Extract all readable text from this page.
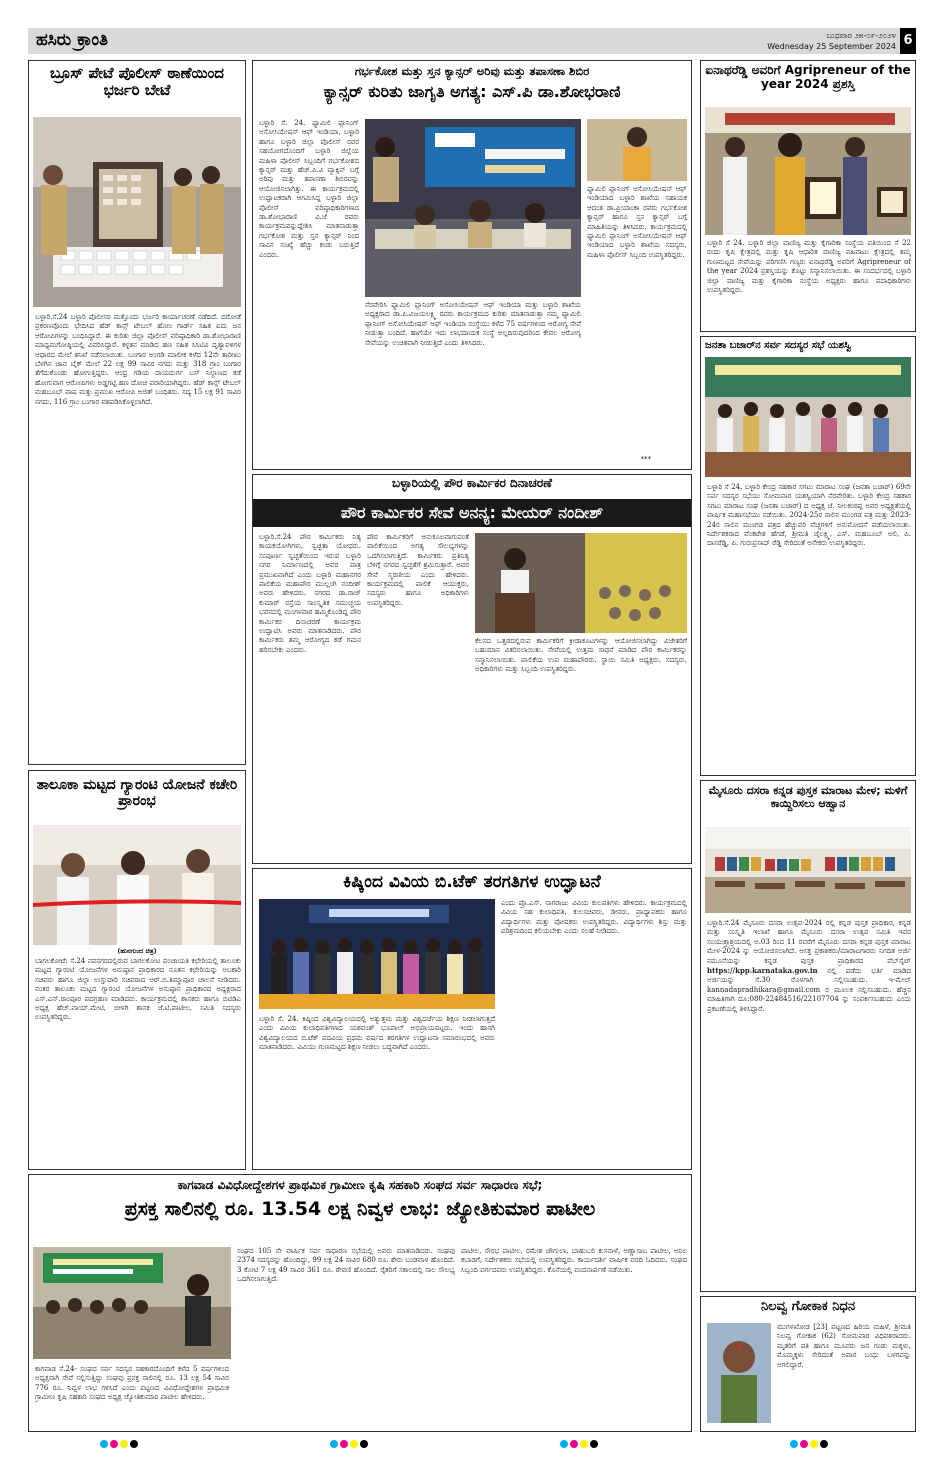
ಹಸಿರು ಕ್ರಾಂತಿ	ಬುಧವಾರ ೨೫-೦೯-೨೦೨೪
Wednesday 25 September 2024 6
ಬ್ರೂಸ್ ಪೇಟೆ ಪೊಲೀಸ್ ಠಾಣೆಯಿಂದ ಭರ್ಜರಿ ಬೇಟೆ
ಬಳ್ಳಾರಿ.ಸೆ.24 ಬಳ್ಳಾರಿ ಪೊಲೀಸರ ಮತ್ತೊಂದು ಭರ್ಜರಿ ಕಾರ್ಯಾಚರಣೆ ನಡೆದಿದೆ. ದರೋಡೆ ಪ್ರಕರಣವೊಂದು ಭೇದಿಸಿದ ಹೆಡ್ ಕಾನ್ಸ್ ಟೇಬಲ್ ಹೋಂ ಗಾರ್ಡ್ ಸಹಿತ ಐದು ಜನ ಆರೋಪಿಗಳನ್ನು ಬಂಧಿಸಿದ್ದಾರೆ. ಈ ಕುರಿತು ಜಿಲ್ಲಾ ಪೊಲೀಸ್ ವರಿಷ್ಠಾಧಿಕಾರಿ ಡಾ.ಶೋಭಾರಾಣಿ ಮಾಧ್ಯಮಗೋಷ್ಠಿಯಲ್ಲಿ ವಿವರಿಸಿದ್ದಾರೆ. ಕಳ್ಳತನ ಮಾಡಿದ ಹಣ ಸಹಿತ ಸಿಸಿಟಿವಿ ದೃಶ್ಯಾವಳಿಗಳ ಆಧಾರದ ಮೇಲೆ ತನಿಖೆ ನಡೆಸಲಾಯಿತು. ಬಂಗಾರ ಅಂಗಡಿ ಮಾಲೀಕ ಕಳೆದ 12ನೇ ತಾರೀಖು ಬೆಳಗಿನ ಜಾವ ಬೈಕ್ ಮೇಲೆ 22 ಲಕ್ಷ 99 ಸಾವಿರ ನಗದು ಮತ್ತು 318 ಗ್ರಾಂ ಬಂಗಾರ ತೆಗೆದುಕೊಂಡು ಹೋಗುತ್ತಿದ್ದರು. ಆಂಧ್ರ ಗಡಿಯ ರಾಯದುರ್ಗ ಬಸ್ ನಿಲ್ದಾಣದ ಕಡೆ ಹೋಗುವಾಗ ಆರೋಪಿಗಳು ಅಡ್ಡಗಟ್ಟಿ ಹಣ ದೋಚಿ ಪರಾರಿಯಾಗಿದ್ದರು. ಹೆಡ್ ಕಾನ್ಸ್ ಟೇಬಲ್ ಮಹಬೂಬ್ ಪಾಷ ಮತ್ತು ಪ್ರಮುಖ ಆರೋಪಿ ಅಜಿತ್ ಬಂಧಿತರು. ಸದ್ಯ 15 ಲಕ್ಷ 91 ಸಾವಿರ ನಗದು, 116 ಗ್ರಾಂ ಬಂಗಾರ ವಶಪಡಿಸಿಕೊಳ್ಳಲಾಗಿದೆ.
ತಾಲೂಕಾ ಮಟ್ಟದ ಗ್ಯಾರಂಟಿ ಯೋಜನೆ ಕಚೇರಿ ಪ್ರಾರಂಭ
(ಹುನಗುಂದ ಚಿತ್ರ)
ಬಾಗಲಕೋಟೆ: ಸೆ.24 ನವನಗರದಲ್ಲಿರುವ ಬಾಗಲಕೋಟ ಪಂಚಾಯತಿ ಕಛೇರಿಯಲ್ಲಿ ತಾಲೂಕು ಮಟ್ಟದ ಗ್ಯಾರಂಟಿ ಯೋಜನೆಗಳ ಅನುಷ್ಠಾನ ಪ್ರಾಧಿಕಾರದ ನೂತನ ಕಛೇರಿಯನ್ನು ಅಬಕಾರಿ ಸಚಿವರು ಹಾಗೂ ಜಿಲ್ಲಾ ಉಸ್ತುವಾರಿ ಸಚಿವರಾದ ಆರ್.ಬಿ.ತಿಮ್ಮಾಪೂರ ಚಾಲನೆ ನೀಡಿದರು. ನಂತರ ತಾಲೂಕು ಮಟ್ಟದ ಗ್ಯಾರಂಟಿ ಯೋಜನೆಗಳ ಅನುಷ್ಠಾನ ಪ್ರಾಧಿಕಾರದ ಅಧ್ಯಕ್ಷರಾದ ಎಸ್.ಎನ್.ರಾಂಪೂರ ಪದಗ್ರಹಣ ಮಾಡಿದರು. ಕಾರ್ಯಕ್ರಮದಲ್ಲಿ ಶಾಸಕರು ಹಾಗೂ ಬಿಟಿಡಿಎ ಅಧ್ಯಕ್ಷ ಹೆಚ್.ವಾಯ್.ಮೇಟಿ, ಬೀಳಗಿ ಶಾಸಕ ಜೆ.ಟಿ.ಪಾಟೀಲ, ಸಮಿತಿ ಸದಸ್ಯರು ಉಪಸ್ಥಿತರಿದ್ದರು.
ಗರ್ಭಕೋಶ ಮತ್ತು ಸ್ತನ ಕ್ಯಾನ್ಸರ್ ಅರಿವು ಮತ್ತು ತಪಾಸಣಾ ಶಿಬಿರ
ಕ್ಯಾನ್ಸರ್ ಕುರಿತು ಜಾಗೃತಿ ಅಗತ್ಯ: ಎಸ್.ಪಿ ಡಾ.ಶೋಭರಾಣಿ
ಬಳ್ಳಾರಿ ಸೆ. 24. ಫ್ಯಾಮಿಲಿ ಪ್ಲಾನಿಂಗ್ ಅಸೋಸಿಯೇಷನ್ ಆಫ್ ಇಂಡಿಯಾ, ಬಳ್ಳಾರಿ ಹಾಗೂ ಬಳ್ಳಾರಿ ಜಿಲ್ಲಾ ಪೊಲೀಸ್ ರವರ ಸಹಯೋಗದೊಂದಿಗೆ ಬಳ್ಳಾರಿ ಜಿಲ್ಲೆಯ ಮಹಿಳಾ ಪೊಲೀಸ್ ಸಿಬ್ಬಂದಿಗೆ ಗರ್ಭಕೋಶದ ಕ್ಯಾನ್ಸರ್ ಮತ್ತು ಹೆಚ್.ಪಿ.ವಿ ವ್ಯಾಕ್ಸಿನ್ ಬಗ್ಗೆ ಅರಿವು ಮತ್ತು ತಪಾಸಣಾ ಶಿಬಿರವನ್ನು ಆಯೋಜಿಸಲಾಗಿತ್ತು. ಈ ಕಾರ್ಯಕ್ರಮದಲ್ಲಿ ಉದ್ಘಾಟಕರಾಗಿ ಆಗಮಿಸಿದ್ದ ಬಳ್ಳಾರಿ ಜಿಲ್ಲಾ ಪೊಲೀಸ್ ವರಿಷ್ಠಾಧಿಕಾರಿಗಳಾದ ಡಾ.ಶೋಭಾರಾಣಿ ವಿ.ಜೆ ರವರು ಕಾರ್ಯಕ್ರಮವನ್ನುದ್ದೇಶಿಸಿ ಮಾತನಾಡುತ್ತಾ ಗರ್ಭಕೋಶ ಮತ್ತು ಸ್ತನ ಕ್ಯಾನ್ಸರ್ ನಿಂದ ಸಾವಿನ ಸಂಖ್ಯೆ ಹೆಚ್ಚು ಕಂಡು ಬರುತ್ತಿದೆ ಎಂದರು.
ಫ್ಯಾಮಿಲಿ ಪ್ಲಾನಿಂಗ್ ಅಸೋಸಿಯೇಷನ್ ಆಫ್ ಇಂಡಿಯಾದ ಬಳ್ಳಾರಿ ಶಾಖೆಯ ಸಹಾಯಕ ಆದಂತ ಡಾ.ಪ್ರಿಯಾಂಕಾ ರವರು ಗರ್ಭಕೋಶ ಕ್ಯಾನ್ಸರ್ ಹಾಗೂ ಸ್ತನ ಕ್ಯಾನ್ಸರ್ ಬಗ್ಗೆ ಮಾಹಿತಿಯನ್ನು ತಿಳಿಸಿದರು. ಕಾರ್ಯಕ್ರಮದಲ್ಲಿ ಫ್ಯಾಮಿಲಿ ಪ್ಲಾನಿಂಗ್ ಅಸೋಸಿಯೇಷನ್ ಆಫ್ ಇಂಡಿಯಾದ ಬಳ್ಳಾರಿ ಶಾಖೆಯ ಸದಸ್ಯರು, ಮಹಿಳಾ ಪೊಲೀಸ್ ಸಿಬ್ಬಂದಿ ಉಪಸ್ಥಿತರಿದ್ದರು.
ನೆರವೇರಿಸಿ ಫ್ಯಾಮಿಲಿ ಪ್ಲಾನಿಂಗ್ ಅಸೋಸಿಯೇಷನ್ ಆಫ್ ಇಂಡಿಯಾ ಮತ್ತು ಬಳ್ಳಾರಿ ಶಾಖೆಯ ಅಧ್ಯಕ್ಷರಾದ ಡಾ.ಪಿ.ವಿಜಯಲಕ್ಷ್ಮಿ ರವರು ಕಾರ್ಯಕ್ರಮದ ಕುರಿತು ಮಾತನಾಡುತ್ತಾ ನಮ್ಮ ಫ್ಯಾಮಿಲಿ ಪ್ಲಾನಿಂಗ್ ಅಸೋಸಿಯೇಷನ್ ಆಫ್ ಇಂಡಿಯಾ ಸಂಸ್ಥೆಯು ಕಳೆದ 75 ವರ್ಷಗಳಿಂದ ಆರೋಗ್ಯ ಸೇವೆ ನೀಡುತ್ತಾ ಬಂದಿದೆ. ಹಾಗೆಯೇ ಇದು ಲಾಭದಾಯಕ ಸಂಸ್ಥೆ ಅಲ್ಲದಿರುವುದರಿಂದ ಕೇವಲ ಆರೋಗ್ಯ ಸೇವೆಯನ್ನು ಉಚಿತವಾಗಿ ನೀಡುತ್ತಿದೆ ಎಂದು ತಿಳಿಸಿದರು.
***
ಬಳ್ಳಾರಿಯಲ್ಲಿ ಪೌರ ಕಾರ್ಮಿಕರ ದಿನಾಚರಣೆ
ಪೌರ ಕಾರ್ಮಿಕರ ಸೇವೆ ಅನನ್ಯ: ಮೇಯರ್ ನಂದೀಶ್
ಬಳ್ಳಾರಿ.ಸೆ.24 ಪೌರ ಕಾರ್ಮಿಕರು ನಿತ್ಯ ಕಾಯಕಯೋಗಿಗಳು, ಸ್ವಚ್ಛತಾ ಯೋಧರು. ಸಂಪೂರ್ಣ ಸ್ವಚ್ಛತೆಯಿಂದ ಇರುವ ಬಳ್ಳಾರಿ ನಗರ ನಿರ್ಮಾಣದಲ್ಲಿ ಅವರ ಪಾತ್ರ ಪ್ರಮುಖವಾಗಿದೆ ಎಂದು ಬಳ್ಳಾರಿ ಮಹಾನಗರ ಪಾಲಿಕೆಯ ಮಹಾಪೌರ ಮುಲ್ಲಂಗಿ ನಂದೀಶ್ ಅವರು ಹೇಳಿದರು. ನಗರದ ಡಾ.ರಾಜ್ ಕುಮಾರ್ ರಸ್ತೆಯ ಸಾಂಸ್ಕೃತಿಕ ಸಮುಚ್ಚಯ ಭವನದಲ್ಲಿ ಮಂಗಳವಾರ ಹಮ್ಮಿಕೊಂಡಿದ್ದ ಪೌರ ಕಾರ್ಮಿಕರ ದಿನಾಚರಣೆ ಕಾರ್ಯಕ್ರಮ ಉದ್ಘಾಟಿಸಿ ಅವರು ಮಾತನಾಡಿದರು. ಪೌರ ಕಾರ್ಮಿಕರು ತಮ್ಮ ಆರೋಗ್ಯದ ಕಡೆ ಗಮನ ಹರಿಸಬೇಕು ಎಂದರು.
ಪೌರ ಕಾರ್ಮಿಕರಿಗೆ ಅನುಕೂಲವಾಗುವಂತೆ ಪಾಲಿಕೆಯಿಂದ ಅಗತ್ಯ ಸೌಲಭ್ಯಗಳನ್ನು ಒದಗಿಸಲಾಗುತ್ತಿದೆ. ಕಾರ್ಮಿಕರು ಪ್ರತಿನಿತ್ಯ ಬೆಳಿಗ್ಗೆ ನಗರದ ಸ್ವಚ್ಛತೆಗೆ ಶ್ರಮಿಸುತ್ತಾರೆ. ಅವರ ಸೇವೆ ಸ್ಮರಣೀಯ ಎಂದು ಹೇಳಿದರು. ಕಾರ್ಯಕ್ರಮದಲ್ಲಿ ಪಾಲಿಕೆ ಆಯುಕ್ತರು, ಸದಸ್ಯರು ಹಾಗೂ ಅಧಿಕಾರಿಗಳು ಉಪಸ್ಥಿತರಿದ್ದರು.
ಕೆಲಸದ ಒತ್ತಡದಲ್ಲಿರುವ ಕಾರ್ಮಿಕರಿಗೆ ಕ್ರೀಡಾಕೂಟಗಳನ್ನು ಆಯೋಜಿಸಲಾಗಿದ್ದು ವಿಜೇತರಿಗೆ ಬಹುಮಾನ ವಿತರಿಸಲಾಯಿತು. ಸೇವೆಯಲ್ಲಿ ಉತ್ತಮ ಸಾಧನೆ ಮಾಡಿದ ಪೌರ ಕಾರ್ಮಿಕರನ್ನು ಸನ್ಮಾನಿಸಲಾಯಿತು. ಪಾಲಿಕೆಯ ಉಪ ಮಹಾಪೌರರು, ಸ್ಥಾಯಿ ಸಮಿತಿ ಅಧ್ಯಕ್ಷರು, ಸದಸ್ಯರು, ಅಧಿಕಾರಿಗಳು ಮತ್ತು ಸಿಬ್ಬಂದಿ ಉಪಸ್ಥಿತರಿದ್ದರು.
ಕಿಷ್ಕಿಂದ ವಿವಿಯ ಬಿ.ಟೆಕ್ ತರಗತಿಗಳ ಉದ್ಘಾಟನೆ
ಎಂದು ಪ್ರೊ.ಎಸ್. ನಾಗರಾಜು ವಿವಿಯ ಕುಲಪತಿಗಳು ಹೇಳಿದರು. ಕಾರ್ಯಕ್ರಮದಲ್ಲಿ ವಿವಿಯ ಸಹ ಕುಲಾಧಿಪತಿ, ಕುಲಸಚಿವರು, ಡೀನರು, ಪ್ರಾಧ್ಯಾಪಕರು ಹಾಗೂ ವಿದ್ಯಾರ್ಥಿಗಳು ಮತ್ತು ಪೋಷಕರು ಉಪಸ್ಥಿತರಿದ್ದರು. ವಿದ್ಯಾರ್ಥಿಗಳು ಶಿಸ್ತು ಮತ್ತು ಪರಿಶ್ರಮದಿಂದ ಕಲಿಯಬೇಕು ಎಂದು ಸಲಹೆ ನೀಡಿದರು.
ಬಳ್ಳಾರಿ ಸೆ. 24. ಕಿಷ್ಕಿಂದ ವಿಶ್ವವಿದ್ಯಾಲಯದಲ್ಲಿ ಅತ್ಯುತ್ತಮ ಮತ್ತು ವಿಶ್ವದರ್ಜೆಯ ಶಿಕ್ಷಣ ನೀಡಲಾಗುತ್ತದೆ ಎಂದು ವಿವಿಯ ಕುಲಾಧಿಪತಿಗಳಾದ ಯಶವಂತ್ ಭೂಪಾಲ್ ಅಭಿಪ್ರಾಯಪಟ್ಟರು. ಇಂದು ಹಾಸಗಿ ವಿಶ್ವವಿದ್ಯಾಲಯದ ಬಿ.ಟೆಕ್ ಪದವಿಯ ಪ್ರಥಮ ವರ್ಷದ ತರಗತಿಗಳ ಉದ್ಘಾಟನಾ ಸಮಾರಂಭದಲ್ಲಿ ಅವರು ಮಾತನಾಡಿದರು. ವಿವಿಯು ಗುಣಮಟ್ಟದ ಶಿಕ್ಷಣ ನೀಡಲು ಬದ್ಧವಾಗಿದೆ ಎಂದರು.
ಕಾಗವಾಡ ವಿವಿಧೋದ್ದೇಶಗಳ ಪ್ರಾಥಮಿಕ ಗ್ರಾಮೀಣ ಕೃಷಿ ಸಹಕಾರಿ ಸಂಘದ ಸರ್ವ ಸಾಧಾರಣ ಸಭೆ;
ಪ್ರಸಕ್ತ ಸಾಲಿನಲ್ಲಿ ರೂ. 13.54 ಲಕ್ಷ ನಿವ್ವಳ ಲಾಭ: ಜ್ಯೋತಿಕುಮಾರ ಪಾಟೀಲ
ಕಾಗವಾಡ ಸೆ.24- ಸಂಘದ ಸರ್ವ ಸದಸ್ಯರ ಸಹಕಾರದೊಂದಿಗೆ ಕಳೆದ 5 ವರ್ಷಗಳಿಂದ ಅಧ್ಯಕ್ಷನಾಗಿ ಸೇವೆ ಸಲ್ಲಿಸುತ್ತಿದ್ದು ಸಂಘವು ಪ್ರಸಕ್ತ ಸಾಲಿನಲ್ಲಿ ರೂ. 13 ಲಕ್ಷ 54 ಸಾವಿರ 776 ರೂ. ನಿವ್ವಳ ಲಾಭ ಗಳಿಸಿದೆ ಎಂದು ಪಟ್ಟಣದ ವಿವಿಧೋದ್ದೇಶಗಳ ಪ್ರಾಥಮಿಕ ಗ್ರಾಮೀಣ ಕೃಷಿ ಸಹಕಾರಿ ಸಂಘದ ಅಧ್ಯಕ್ಷ ಜ್ಯೋತಿಕುಮಾರ ಪಾಟೀಲ ಹೇಳಿದರು.
ಸಂಘದ 105 ನೇ ವಾರ್ಷಿಕ ಸರ್ವ ಸಾಧಾರಣ ಸಭೆಯಲ್ಲಿ ಅವರು ಮಾತನಾಡಿದರು. ಸಂಘವು 2374 ಸದಸ್ಯರನ್ನು ಹೊಂದಿದ್ದು, 99 ಲಕ್ಷ 24 ಸಾವಿರ 680 ರೂ. ಶೇರು ಬಂಡವಾಳ ಹೊಂದಿದೆ. 3 ಕೋಟಿ 7 ಲಕ್ಷ 49 ಸಾವಿರ 361 ರೂ. ಠೇವಣಿ ಹೊಂದಿದೆ. ರೈತರಿಗೆ ಸಕಾಲದಲ್ಲಿ ಸಾಲ ಸೌಲಭ್ಯ ಒದಗಿಸಲಾಗುತ್ತಿದೆ.
ಪಾಟೀಲ, ಸೌರಭ ಪಾಟೀಲ, ರಮೇಶ ಚೌಗುಲಾ, ಬಾಹುಬಲಿ ಕುಸನಾಳೆ, ಅಣ್ಣಾಸಾಬ ಪಾಟೀಲ, ಅನಿಲ ಕಬಾಡಗೆ, ನಿರ್ದೇಶಕರು ಸಭೆಯಲ್ಲಿ ಉಪಸ್ಥಿತರಿದ್ದರು. ಕಾರ್ಯದರ್ಶಿ ವಾರ್ಷಿಕ ವರದಿ ಓದಿದರು. ಸಂಘದ ಸಿಬ್ಬಂದಿ ವರ್ಗದವರು ಉಪಸ್ಥಿತರಿದ್ದರು. ಕೊನೆಯಲ್ಲಿ ವಂದನಾರ್ಪಣೆ ನಡೆಯಿತು.
ಐನಾಥರೆಡ್ಡಿ ಅವರಿಗೆ Agripreneur of the year 2024 ಪ್ರಶಸ್ತಿ
ಬಳ್ಳಾರಿ ಸೆ 24. ಬಳ್ಳಾರಿ ಜಿಲ್ಲಾ ವಾಣಿಜ್ಯ ಮತ್ತು ಕೈಗಾರಿಕಾ ಸಂಸ್ಥೆಯ ವತಿಯಿಂದ ಸೆ 22 ರಂದು ಕೃಷಿ ಕ್ಷೇತ್ರದಲ್ಲಿ ಮತ್ತು ಕೃಷಿ ಆಧಾರಿತ ವಾಣಿಜ್ಯ ವಹಿವಾಟು ಕ್ಷೇತ್ರದಲ್ಲಿ ತಮ್ಮ ಗುಣಮಟ್ಟದ ಸೇವೆಯನ್ನು ಪರಿಗಣಿಸಿ ಗಣ್ಯರು ಐನಾಥರೆಡ್ಡಿ ಅವರಿಗೆ Agripreneur of the year 2024 ಪ್ರಶಸ್ತಿಯನ್ನು ಕೊಟ್ಟು ಸನ್ಮಾನಿಸಲಾಯಿತು. ಈ ಸಂದರ್ಭದಲ್ಲಿ ಬಳ್ಳಾರಿ ಜಿಲ್ಲಾ ವಾಣಿಜ್ಯ ಮತ್ತು ಕೈಗಾರಿಕಾ ಸಂಸ್ಥೆಯ ಅಧ್ಯಕ್ಷರು ಹಾಗೂ ಪದಾಧಿಕಾರಿಗಳು ಉಪಸ್ಥಿತರಿದ್ದರು.
ಜನತಾ ಬಜಾರ್‌ನ ಸರ್ವ ಸದಸ್ಯರ ಸಭೆ ಯಶಸ್ವಿ
ಬಳ್ಳಾರಿ ಸೆ 24. ಬಳ್ಳಾರಿ ಕೇಂದ್ರ ಸಹಕಾರ ಸಗಟು ಮಾರಾಟ ಸಂಘ (ಜನತಾ ಬಜಾರ್) 69ನೇ ಸರ್ವ ಸದಸ್ಯರ ಸಭೆಯು ಸೋಮವಾರ ಯಶಸ್ವಿಯಾಗಿ ನೆರವೇರಿತು. ಬಳ್ಳಾರಿ ಕೇಂದ್ರ ಸಹಕಾರ ಸಗಟು ಮಾರಾಟ ಸಂಘ (ಜನತಾ ಬಜಾರ್) ದ ಅಧ್ಯಕ್ಷ ಜೆ. ನೀಲಕಂಠಪ್ಪ ಅವರ ಅಧ್ಯಕ್ಷತೆಯಲ್ಲಿ ವಾರ್ಷಿಕ ಮಹಾಸಭೆಯು ನಡೆಯಿತು. 2024-25ರ ಸಾಲಿನ ಮುಂಗಡ ಪತ್ರ ಮತ್ತು 2023-24ರ ಸಾಲಿನ ಮುಂಗಡ ಪತ್ರದ ಹೆಚ್ಚುವರಿ ವೆಚ್ಚಗಳಿಗೆ ಅನುಮೋದನೆ ಪಡೆಯಲಾಯಿತು. ನಿರ್ದೇಶಕರಾದ ವೆಂಕಟೇಶ ಹೆಗಡೆ, ಶ್ರೀಮತಿ ಜೈಲಕ್ಷ್ಮಿ, ಎಸ್. ಮಹಬೂಬ್ ಅಲಿ, ಪಿ. ದಾಸರೆಡ್ಡಿ, ಪಿ. ಗುರುಪ್ರಸಾದ್ ರೆಡ್ಡಿ ಸೇರಿದಂತೆ ಅನೇಕರು ಉಪಸ್ಥಿತರಿದ್ದರು.
ಮೈಸೂರು ದಸರಾ ಕನ್ನಡ ಪುಸ್ತಕ ಮಾರಾಟ ಮೇಳ; ಮಳಿಗೆ ಕಾಯ್ದಿರಿಸಲು ಆಹ್ವಾನ
ಬಳ್ಳಾರಿ.ಸೆ.24 ಮೈಸೂರು ದಸರಾ ಉತ್ಸವ-2024 ರಲ್ಲಿ ಕನ್ನಡ ಪುಸ್ತಕ ಪ್ರಾಧಿಕಾರ, ಕನ್ನಡ ಮತ್ತು ಸಂಸ್ಕೃತಿ ಇಲಾಖೆ ಹಾಗೂ ಮೈಸೂರು ದಸರಾ ಉತ್ಸವ ಸಮಿತಿ ಇವರ ಸಂಯುಕ್ತಾಶ್ರಯದಲ್ಲಿ ಅ.03 ರಿಂದ 11 ರವರೆಗೆ ಮೈಸೂರು ದಸರಾ ಕನ್ನಡ ಪುಸ್ತಕ ಮಾರಾಟ ಮೇಳ-2024 ನ್ನು ಆಯೋಜಿಸಲಾಗಿದೆ. ಆಸಕ್ತ ಪ್ರಕಾಶಕರು/ಮಾರಾಟಗಾರರು ನಿಗದಿತ ಅರ್ಜಿ ನಮೂನೆಯನ್ನು ಕನ್ನಡ ಪುಸ್ತಕ ಪ್ರಾಧಿಕಾರದ ವೆಬ್‌ಸೈಟ್ https://kpp.karnataka.gov.in ನಲ್ಲಿ ಪಡೆದು ಭರ್ತಿ ಮಾಡಿದ ಅರ್ಜಿಯನ್ನು ಸೆ.30 ರೊಳಗಾಗಿ ಸಲ್ಲಿಸಬಹುದು. ಇ-ಮೇಲ್ kannadapradhikara@gmail.com ರ ಮೂಲಕ ಸಲ್ಲಿಸಬಹುದು. ಹೆಚ್ಚಿನ ಮಾಹಿತಿಗಾಗಿ ದೂ:080-22484516/22107704 ನ್ನು ಸಂಪರ್ಕಿಸಬಹುದು ಎಂದು ಪ್ರಕಟಣೆಯಲ್ಲಿ ತಿಳಿಸಿದ್ದಾರೆ.
ನಿಲವ್ವ ಗೋಕಾಕ ನಿಧನ
ಮುಗಳಖೋಡ [23] ಪಟ್ಟಣದ ಹಿರಿಯ ಮಹಿಳೆ, ಶ್ರೀಮತಿ ನಿಲವ್ವ ಗೋಕಾಕ (62) ಸೋಮವಾರ ವಿಧಿವಶರಾದರು. ಮೃತರಿಗೆ ಪತಿ ಹಾಗೂ ಮೂವರು ಜನ ಗಂಡು ಮಕ್ಕಳು, ಮೊಮ್ಮಕ್ಕಳು ಸೇರಿದಂತೆ ಅಪಾರ ಬಂಧು ಬಳಗವನ್ನು ಅಗಲಿದ್ದಾರೆ.
